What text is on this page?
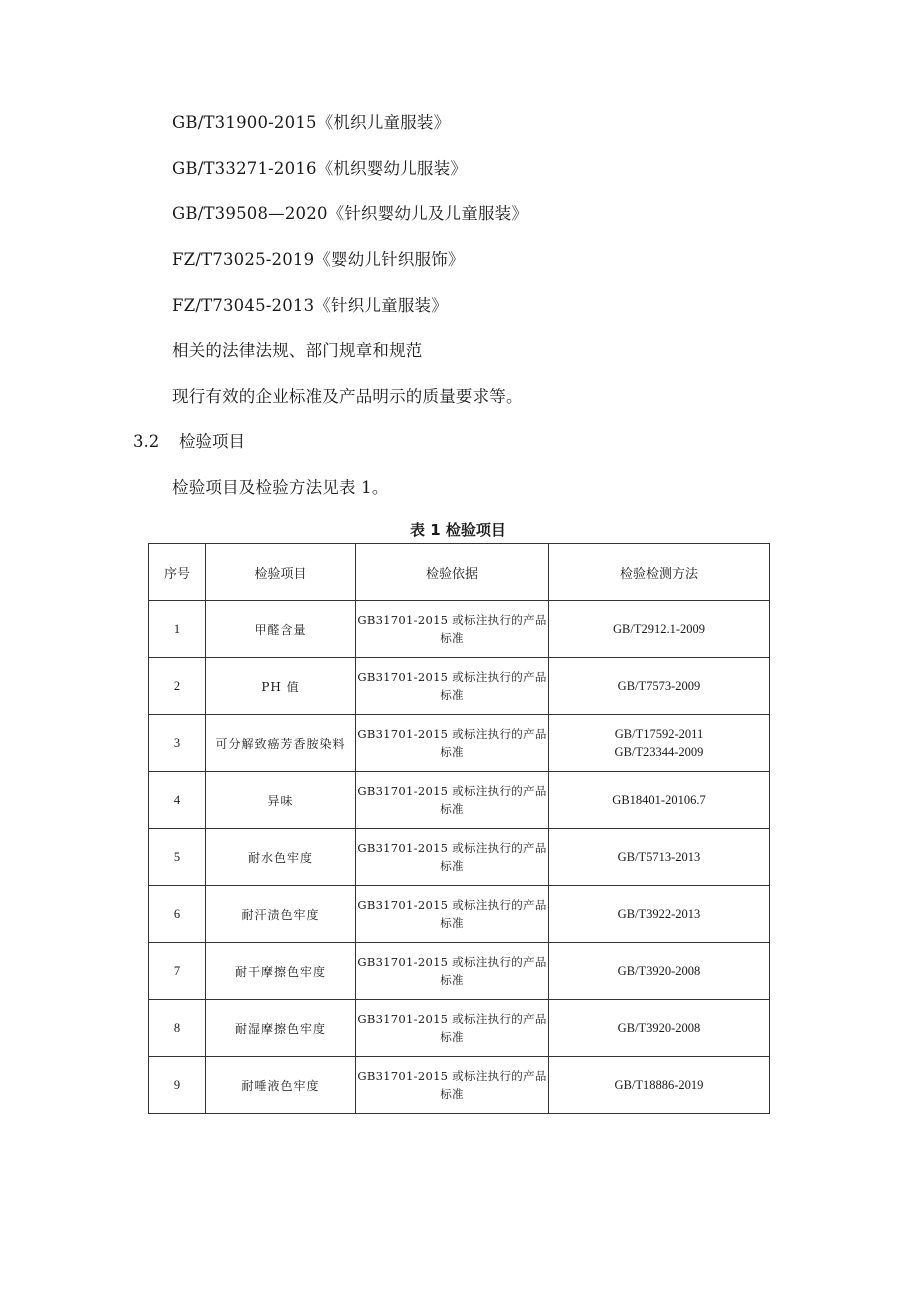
GB/T31900-2015《机织儿童服装》
GB/T33271-2016《机织婴幼儿服装》
GB/T39508—2020《针织婴幼儿及儿童服装》
FZ/T73025-2019《婴幼儿针织服饰》
FZ/T73045-2013《针织儿童服装》
相关的法律法规、部门规章和规范
现行有效的企业标准及产品明示的质量要求等。
3.2 检验项目
检验项目及检验方法见表 1。
表 1 检验项目
序号	检验项目	检验依据	检验检测方法
1	甲醛含量	GB31701-2015 或标注执行的产品标准	GB/T2912.1-2009

2	PH 值	GB31701-2015 或标注执行的产品标准	GB/T7573-2009

3	可分解致癌芳香胺染料	GB31701-2015 或标注执行的产品标准	GB/T17592-2011
GB/T23344-2009

4	异味	GB31701-2015 或标注执行的产品标准	GB18401-20106.7

5	耐水色牢度	GB31701-2015 或标注执行的产品标准	GB/T5713-2013

6	耐汗渍色牢度	GB31701-2015 或标注执行的产品标准	GB/T3922-2013

7	耐干摩擦色牢度	GB31701-2015 或标注执行的产品标准	GB/T3920-2008

8	耐湿摩擦色牢度	GB31701-2015 或标注执行的产品标准	GB/T3920-2008

9	耐唾液色牢度	GB31701-2015 或标注执行的产品标准	GB/T18886-2019
